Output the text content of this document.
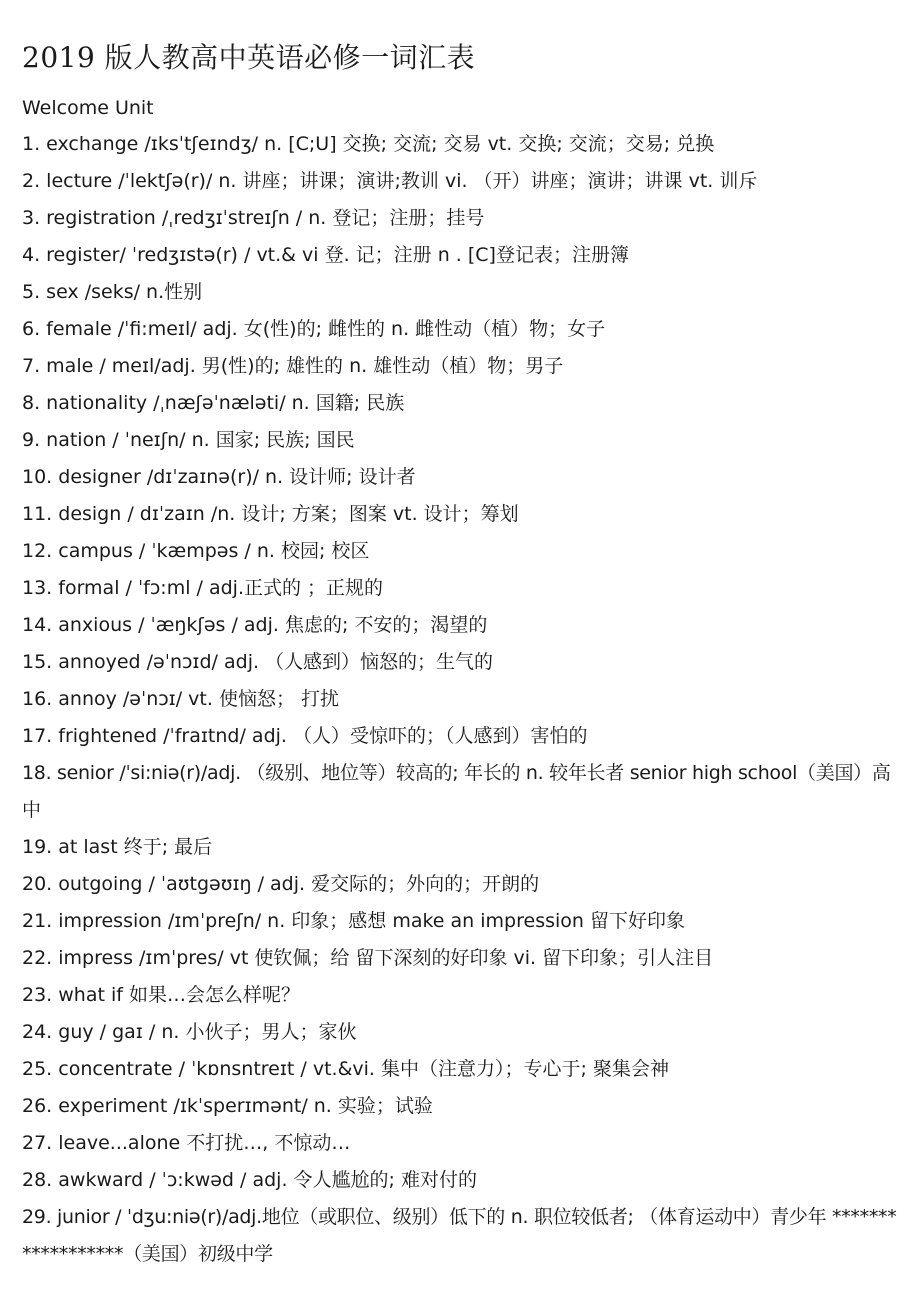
2019 版人教高中英语必修一词汇表
Welcome Unit
1. exchange /ɪksˈtʃeɪndʒ/ n. [C;U] 交换; 交流; 交易 vt. 交换; 交流；交易; 兑换
2. lecture /ˈlektʃə(r)/ n. 讲座；讲课；演讲;教训 vi. （开）讲座；演讲；讲课 vt. 训斥
3. registration /ˌredʒɪˈstreɪʃn / n. 登记；注册；挂号
4. register/ ˈredʒɪstə(r) / vt.& vi 登. 记；注册 n . [C]登记表；注册簿
5. sex /seks/ n.性别
6. female /ˈfi:meɪl/ adj. 女(性)的; 雌性的 n. 雌性动（植）物；女子
7. male / meɪl/adj. 男(性)的; 雄性的 n. 雄性动（植）物；男子
8. nationality /ˌnæʃəˈnæləti/ n. 国籍; 民族
9. nation / ˈneɪʃn/ n. 国家; 民族; 国民
10. designer /dɪˈzaɪnə(r)/ n. 设计师; 设计者
11. design / dɪˈzaɪn /n. 设计; 方案；图案 vt. 设计；筹划
12. campus / ˈkæmpəs / n. 校园; 校区
13. formal / ˈfɔ:ml / adj.正式的 ；正规的
14. anxious / ˈæŋkʃəs / adj. 焦虑的; 不安的；渴望的
15. annoyed /əˈnɔɪd/ adj. （人感到）恼怒的；生气的
16. annoy /əˈnɔɪ/ vt. 使恼怒； 打扰
17. frightened /ˈfraɪtnd/ adj. （人）受惊吓的；（人感到）害怕的
18. senior /ˈsi:niə(r)/adj. （级别、地位等）较高的; 年长的 n. 较年长者 senior high school（美国）高中
19. at last 终于; 最后
20. outgoing / ˈaʊtgəʊɪŋ / adj. 爱交际的；外向的；开朗的
21. impression /ɪmˈpreʃn/ n. 印象；感想 make an impression 留下好印象
22. impress /ɪmˈpres/ vt 使钦佩；给 留下深刻的好印象 vi. 留下印象；引人注目
23. what if 如果…会怎么样呢？
24. guy / gaɪ / n. 小伙子；男人；家伙
25. concentrate / ˈkɒnsntreɪt / vt.&vi. 集中（注意力）；专心于; 聚集会神
26. experiment /ɪkˈsperɪmənt/ n. 实验；试验
27. leave...alone 不打扰…, 不惊动…
28. awkward / ˈɔ:kwəd / adj. 令人尴尬的; 难对付的
29. junior / ˈdʒu:niə(r)/adj.地位（或职位、级别）低下的 n. 职位较低者; （体育运动中）青少年 ******************（美国）初级中学
